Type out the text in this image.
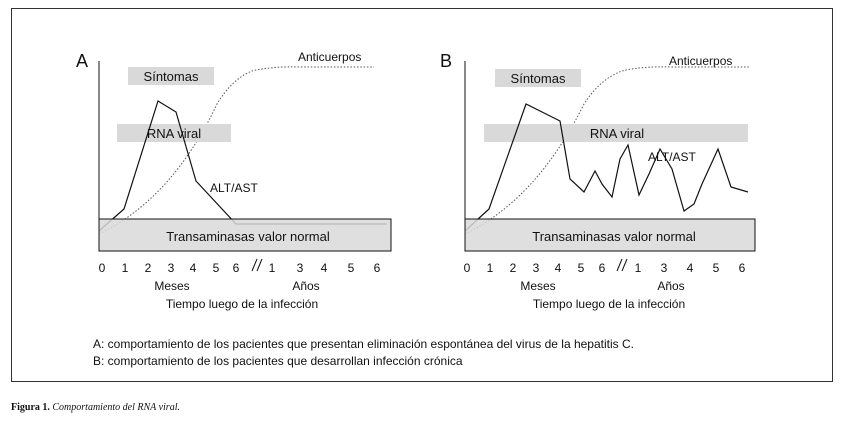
A	Anticuerpos
Síntomas
RNA viral
ALT/AST
Transaminasas valor normal
0 1 2 3 4 5 6 1 3 4 5 6
Meses	Años
Tiempo luego de la infección
B	Anticuerpos
Síntomas
RNA viral
ALT/AST
Transaminasas valor normal
0 1 2 3 4 5 6 1 3 4 5 6
Meses	Años
Tiempo luego de la infección
A: comportamiento de los pacientes que presentan eliminación espontánea del virus de la hepatitis C.
B: comportamiento de los pacientes que desarrollan infección crónica
Figura 1. Comportamiento del RNA viral.
